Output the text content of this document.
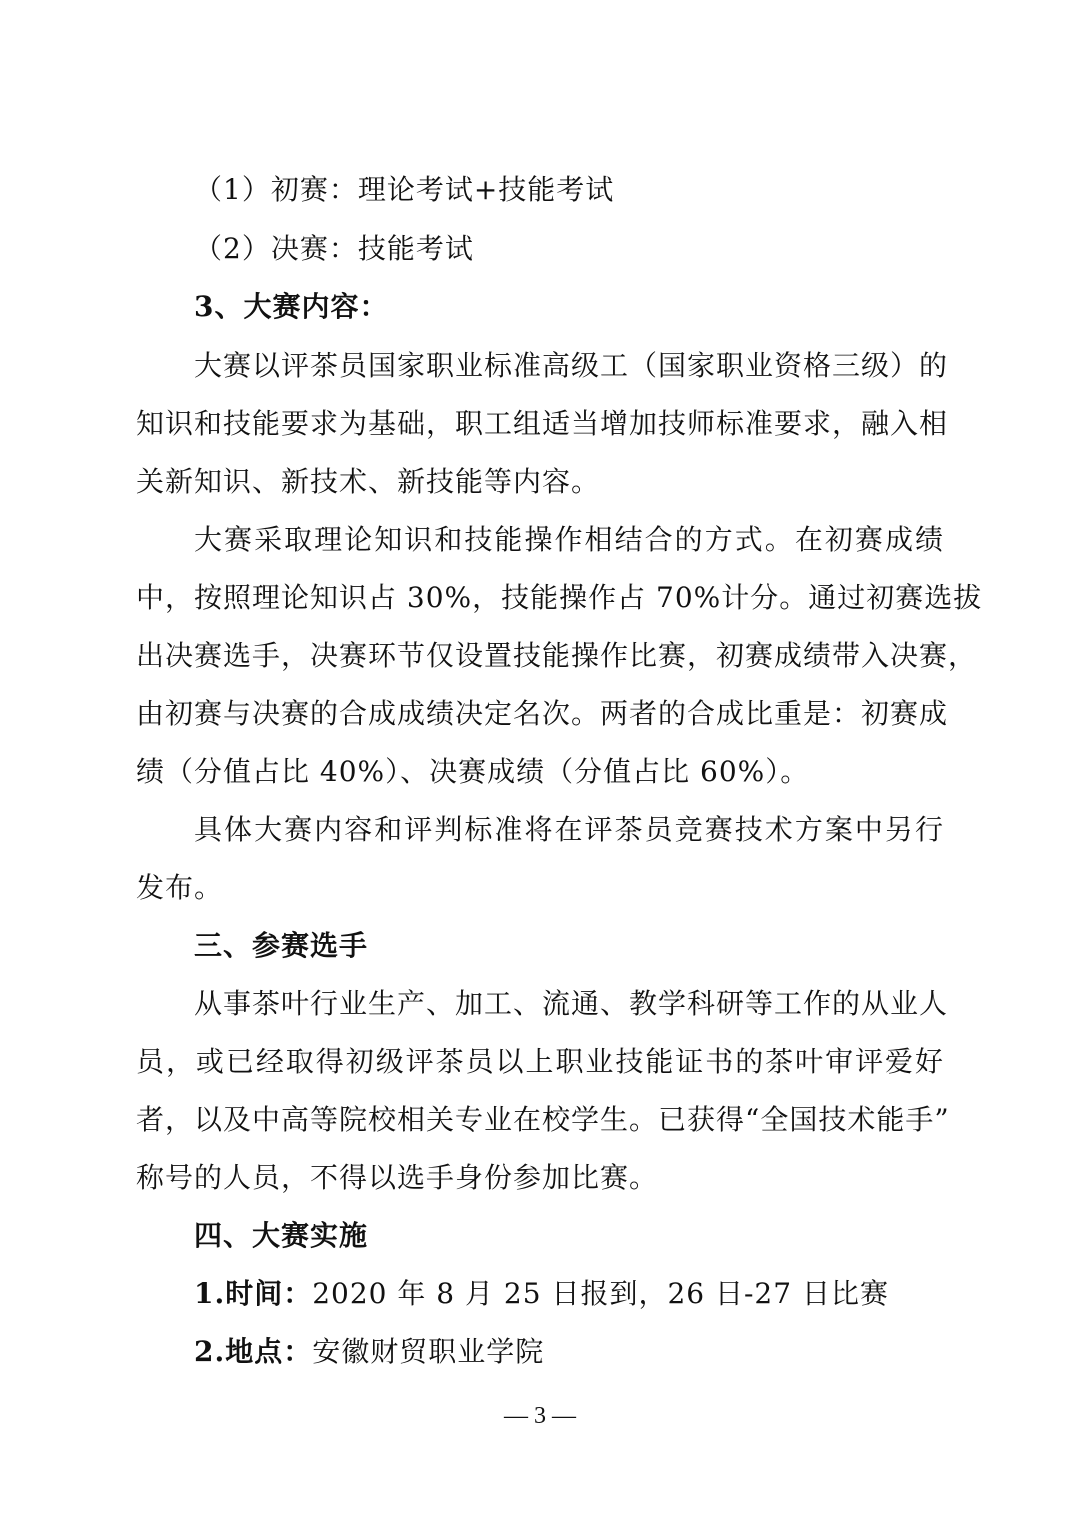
（1）初赛：理论考试+技能考试
（2）决赛：技能考试
3、大赛内容：
大赛以评茶员国家职业标准高级工（国家职业资格三级）的
知识和技能要求为基础，职工组适当增加技师标准要求，融入相
关新知识、新技术、新技能等内容。
大赛采取理论知识和技能操作相结合的方式。在初赛成绩
中，按照理论知识占 30%，技能操作占 70%计分。通过初赛选拔
出决赛选手，决赛环节仅设置技能操作比赛，初赛成绩带入决赛，
由初赛与决赛的合成成绩决定名次。两者的合成比重是：初赛成
绩（分值占比 40%）、决赛成绩（分值占比 60%）。
具体大赛内容和评判标准将在评茶员竞赛技术方案中另行
发布。
三、参赛选手
从事茶叶行业生产、加工、流通、教学科研等工作的从业人
员，或已经取得初级评茶员以上职业技能证书的茶叶审评爱好
者，以及中高等院校相关专业在校学生。已获得“全国技术能手”
称号的人员，不得以选手身份参加比赛。
四、大赛实施
1.时间：2020 年 8 月 25 日报到，26 日-27 日比赛
2.地点：安徽财贸职业学院
— 3 —
